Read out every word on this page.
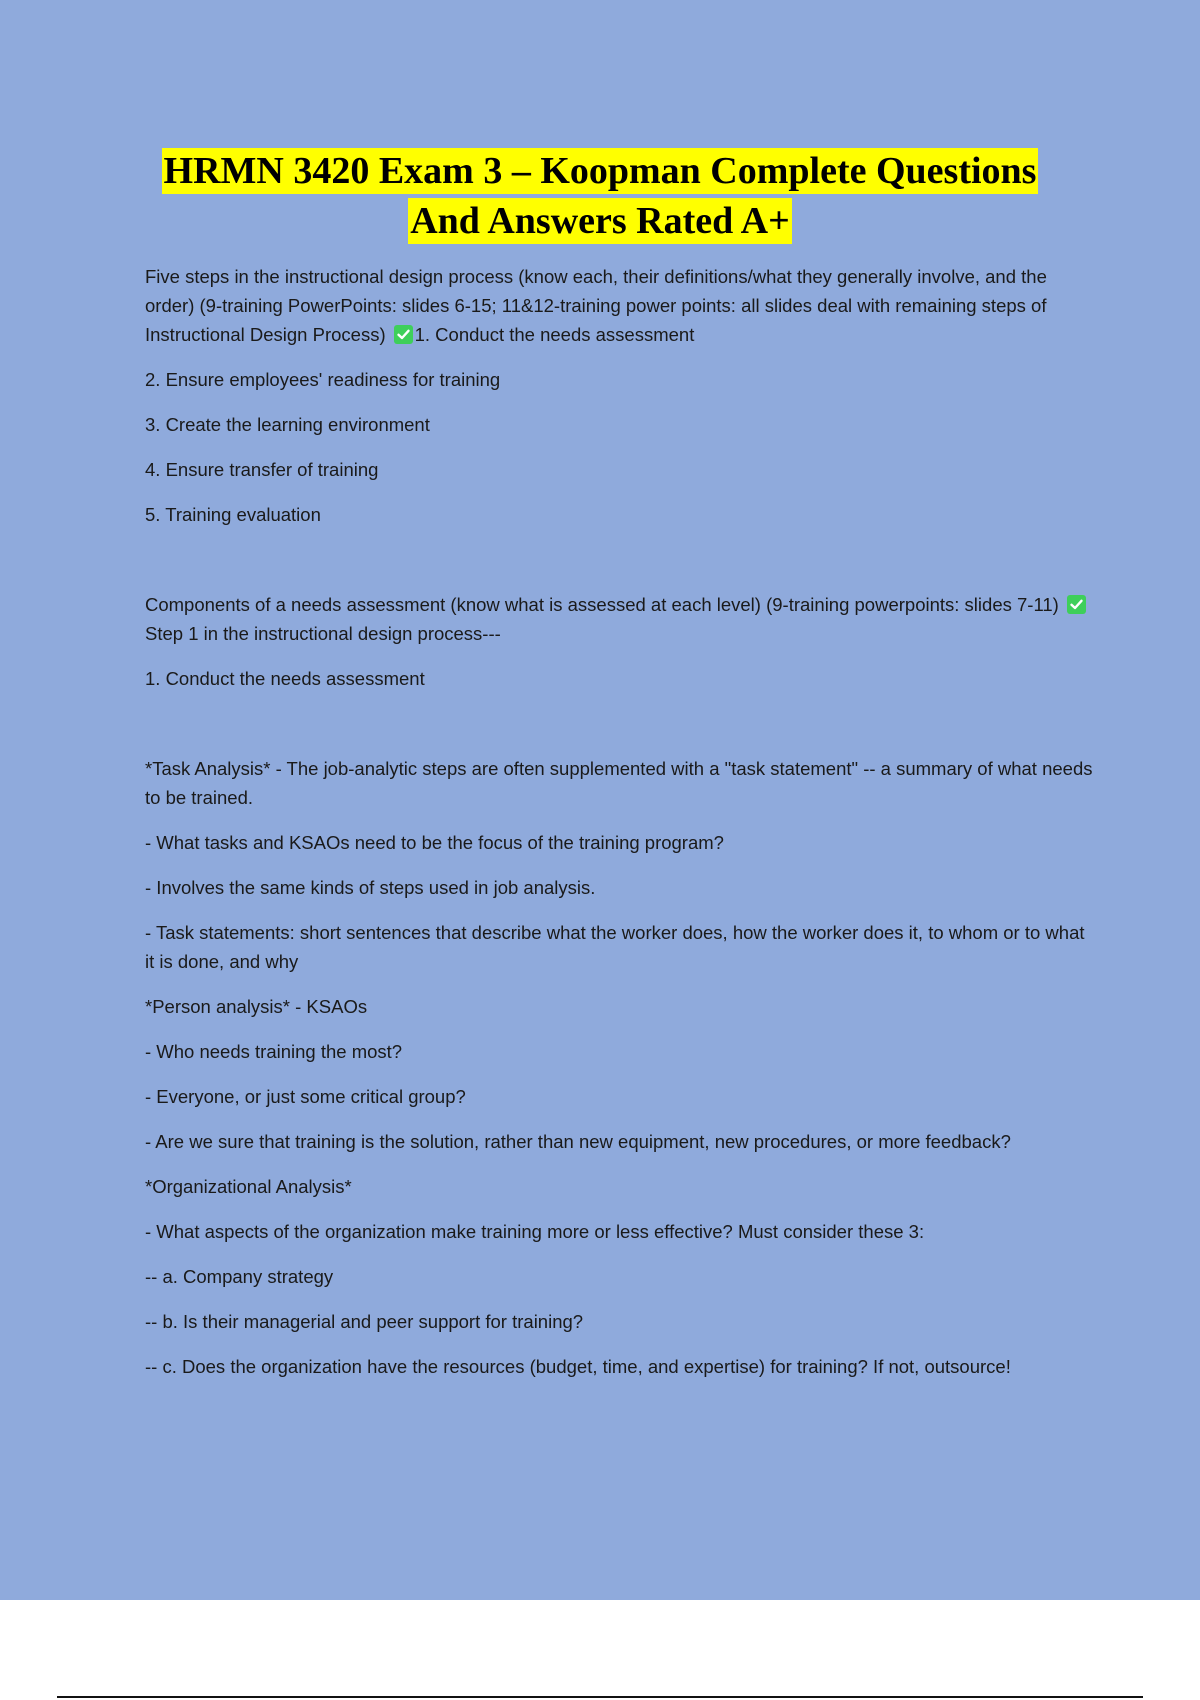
HRMN 3420 Exam 3 – Koopman Complete Questions
And Answers Rated A+

Five steps in the instructional design process (know each, their definitions/what they generally involve, and the order) (9-training PowerPoints: slides 6-15; 11&12-training power points: all slides deal with remaining steps of Instructional Design Process) 1. Conduct the needs assessment

2. Ensure employees' readiness for training

3. Create the learning environment

4. Ensure transfer of training

5. Training evaluation

Components of a needs assessment (know what is assessed at each level) (9-training powerpoints: slides 7-11)
Step 1 in the instructional design process---

1. Conduct the needs assessment

*Task Analysis* - The job-analytic steps are often supplemented with a "task statement" -- a summary of what needs to be trained.

- What tasks and KSAOs need to be the focus of the training program?

- Involves the same kinds of steps used in job analysis.

- Task statements: short sentences that describe what the worker does, how the worker does it, to whom or to what it is done, and why

*Person analysis* - KSAOs

- Who needs training the most?

- Everyone, or just some critical group?

- Are we sure that training is the solution, rather than new equipment, new procedures, or more feedback?

*Organizational Analysis*

- What aspects of the organization make training more or less effective? Must consider these 3:

-- a. Company strategy

-- b. Is their managerial and peer support for training?

-- c. Does the organization have the resources (budget, time, and expertise) for training? If not, outsource!
